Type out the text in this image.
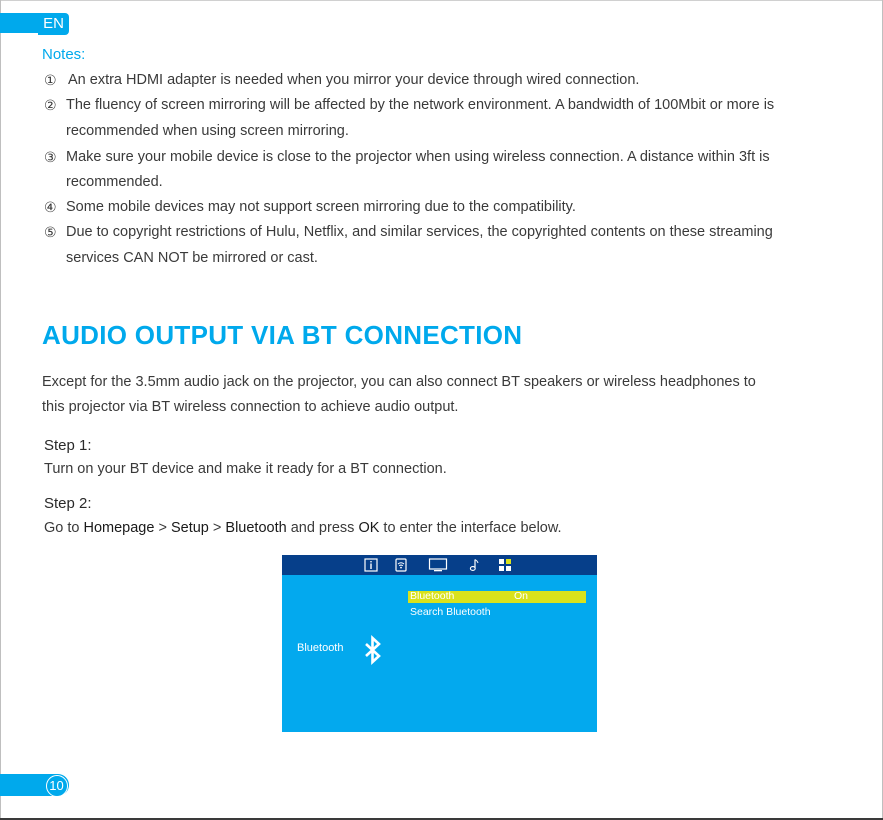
EN
Notes:
① An extra HDMI adapter is needed when you mirror your device through wired connection.
② The fluency of screen mirroring will be affected by the network environment. A bandwidth of 100Mbit or more is
recommended when using screen mirroring.
③ Make sure your mobile device is close to the projector when using wireless connection. A distance within 3ft is
recommended.
④ Some mobile devices may not support screen mirroring due to the compatibility.
⑤ Due to copyright restrictions of Hulu, Netflix, and similar services, the copyrighted contents on these streaming
services CAN NOT be mirrored or cast.
AUDIO OUTPUT VIA BT CONNECTION
Except for the 3.5mm audio jack on the projector, you can also connect BT speakers or wireless headphones to
this projector via BT wireless connection to achieve audio output.
Step 1:
Turn on your BT device and make it ready for a BT connection.
Step 2:
Go to Homepage > Setup > Bluetooth and press OK to enter the interface below.
Bluetooth	On
Search Bluetooth
Bluetooth
10
